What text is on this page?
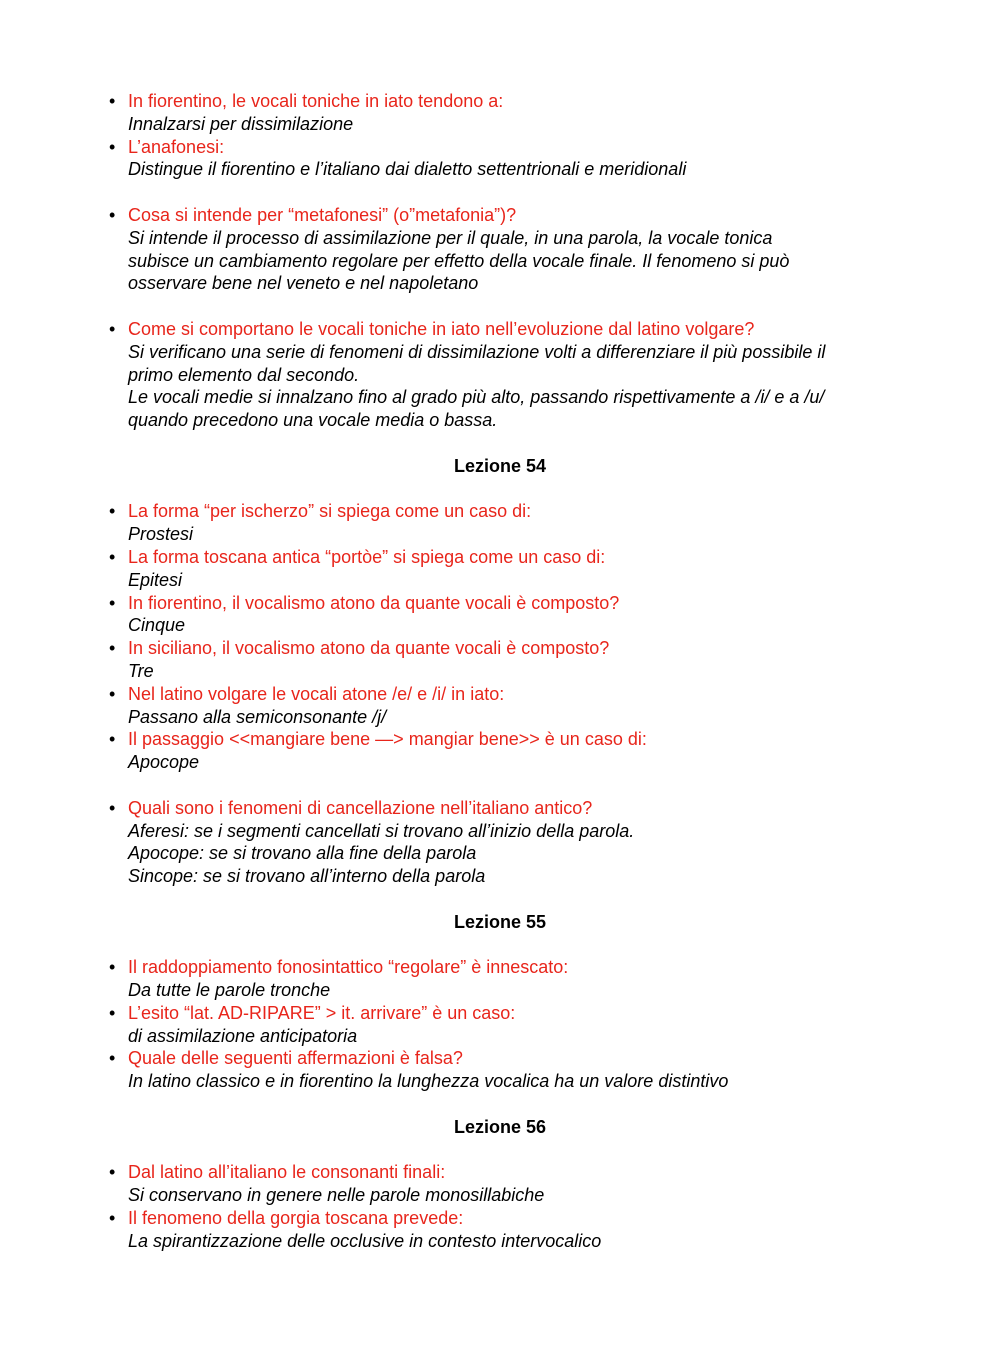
• In fiorentino, le vocali toniche in iato tendono a:
Innalzarsi per dissimilazione
• L’anafonesi:
Distingue il fiorentino e l’italiano dai dialetto settentrionali e meridionali
• Cosa si intende per “metafonesi” (o”metafonia”)?
Si intende il processo di assimilazione per il quale, in una parola, la vocale tonica
subisce un cambiamento regolare per effetto della vocale finale. Il fenomeno si può
osservare bene nel veneto e nel napoletano
• Come si comportano le vocali toniche in iato nell’evoluzione dal latino volgare?
Si verificano una serie di fenomeni di dissimilazione volti a differenziare il più possibile il
primo elemento dal secondo.
Le vocali medie si innalzano fino al grado più alto, passando rispettivamente a /i/ e a /u/
quando precedono una vocale media o bassa.
Lezione 54
• La forma “per ischerzo” si spiega come un caso di:
Prostesi
• La forma toscana antica “portòe” si spiega come un caso di:
Epitesi
• In fiorentino, il vocalismo atono da quante vocali è composto?
Cinque
• In siciliano, il vocalismo atono da quante vocali è composto?
Tre
• Nel latino volgare le vocali atone /e/ e /i/ in iato:
Passano alla semiconsonante /j/
• Il passaggio <<mangiare bene —> mangiar bene>> è un caso di:
Apocope
• Quali sono i fenomeni di cancellazione nell’italiano antico?
Aferesi: se i segmenti cancellati si trovano all’inizio della parola.
Apocope: se si trovano alla fine della parola
Sincope: se si trovano all’interno della parola
Lezione 55
• Il raddoppiamento fonosintattico “regolare” è innescato:
Da tutte le parole tronche
• L’esito “lat. AD-RIPARE” > it. arrivare” è un caso:
di assimilazione anticipatoria
• Quale delle seguenti affermazioni è falsa?
In latino classico e in fiorentino la lunghezza vocalica ha un valore distintivo
Lezione 56
• Dal latino all’italiano le consonanti finali:
Si conservano in genere nelle parole monosillabiche
• Il fenomeno della gorgia toscana prevede:
La spirantizzazione delle occlusive in contesto intervocalico
